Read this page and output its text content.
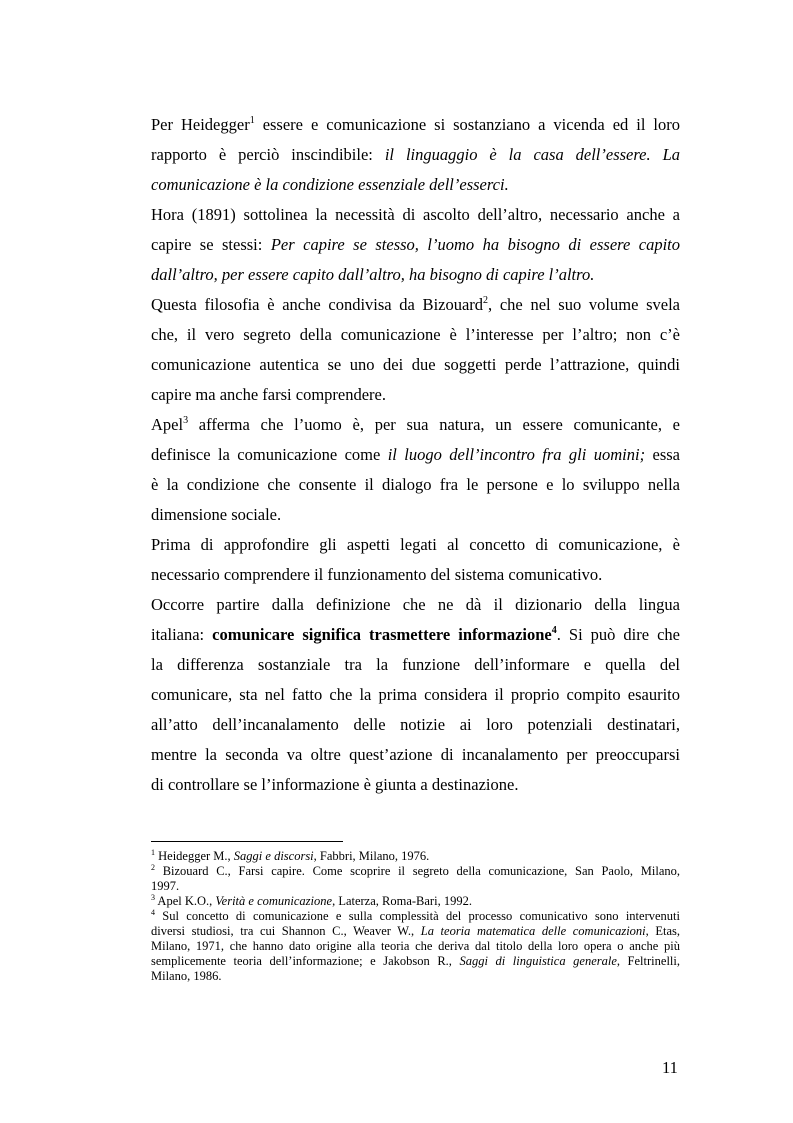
Per Heidegger$^1$ essere e comunicazione si sostanziano a vicenda ed il loro

rapporto è perciò inscindibile: il linguaggio è la casa dell’essere. La

comunicazione è la condizione essenziale dell’esserci.

Hora (1891) sottolinea la necessità di ascolto dell’altro, necessario anche a

capire se stessi: Per capire se stesso, l’uomo ha bisogno di essere capito

dall’altro, per essere capito dall’altro, ha bisogno di capire l’altro.

Questa filosofia è anche condivisa da Bizouard$^2$, che nel suo volume svela

che, il vero segreto della comunicazione è l’interesse per l’altro; non c’è

comunicazione autentica se uno dei due soggetti perde l’attrazione, quindi

capire ma anche farsi comprendere.

Apel$^3$ afferma che l’uomo è, per sua natura, un essere comunicante, e

definisce la comunicazione come il luogo dell’incontro fra gli uomini; essa

è la condizione che consente il dialogo fra le persone e lo sviluppo nella

dimensione sociale.

Prima di approfondire gli aspetti legati al concetto di comunicazione, è

necessario comprendere il funzionamento del sistema comunicativo.

Occorre partire dalla definizione che ne dà il dizionario della lingua

italiana: comunicare significa trasmettere informazione$^4$. Si può dire che

la differenza sostanziale tra la funzione dell’informare e quella del

comunicare, sta nel fatto che la prima considera il proprio compito esaurito

all’atto dell’incanalamento delle notizie ai loro potenziali destinatari,

mentre la seconda va oltre quest’azione di incanalamento per preoccuparsi

di controllare se l’informazione è giunta a destinazione.

$^1$ Heidegger M., Saggi e discorsi, Fabbri, Milano, 1976.

$^2$ Bizouard C., Farsi capire. Come scoprire il segreto della comunicazione, San Paolo, Milano,

1997.

$^3$ Apel K.O., Verità e comunicazione, Laterza, Roma-Bari, 1992.

$^4$ Sul concetto di comunicazione e sulla complessità del processo comunicativo sono intervenuti

diversi studiosi, tra cui Shannon C., Weaver W., La teoria matematica delle comunicazioni, Etas,

Milano, 1971, che hanno dato origine alla teoria che deriva dal titolo della loro opera o anche più

semplicemente teoria dell’informazione; e Jakobson R., Saggi di linguistica generale, Feltrinelli,

Milano, 1986.

11
